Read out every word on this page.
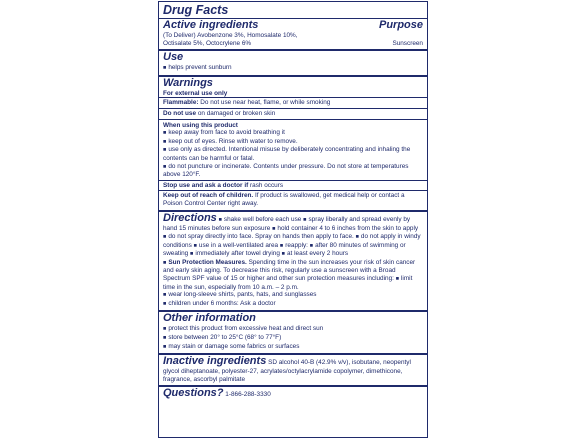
Drug Facts
Active ingredients	Purpose
(To Deliver) Avobenzone 3%, Homosalate 10%,
Octisalate 5%, Octocrylene 6%	Sunscreen
Use
■ helps prevent sunburn
Warnings
For external use only
Flammable: Do not use near heat, flame, or while smoking
Do not use on damaged or broken skin
When using this product
■ keep away from face to avoid breathing it
■ keep out of eyes. Rinse with water to remove.
■ use only as directed. Intentional misuse by deliberately concentrating and inhaling the contents can be harmful or fatal.
■ do not puncture or incinerate. Contents under pressure. Do not store at temperatures above 120°F.
Stop use and ask a doctor if rash occurs
Keep out of reach of children. If product is swallowed, get medical help or contact a Poison Control Center right away.
Directions ■ shake well before each use ■ spray liberally and spread evenly by hand 15 minutes before sun exposure ■ hold container 4 to 6 inches from the skin to apply ■ do not spray directly into face. Spray on hands then apply to face. ■ do not apply in windy conditions ■ use in a well-ventilated area ■ reapply: ■ after 80 minutes of swimming or sweating ■ immediately after towel drying ■ at least every 2 hours
■ Sun Protection Measures. Spending time in the sun increases your risk of skin cancer and early skin aging. To decrease this risk, regularly use a sunscreen with a Broad Spectrum SPF value of 15 or higher and other sun protection measures including: ■ limit time in the sun, especially from 10 a.m. – 2 p.m.
■ wear long-sleeve shirts, pants, hats, and sunglasses
■ children under 6 months: Ask a doctor
Other information
■ protect this product from excessive heat and direct sun
■ store between 20° to 25°C (68° to 77°F)
■ may stain or damage some fabrics or surfaces
Inactive ingredients SD alcohol 40-B (42.9% v/v), isobutane, neopentyl glycol diheptanoate, polyester-27, acrylates/octylacrylamide copolymer, dimethicone, fragrance, ascorbyl palmitate
Questions? 1-866-288-3330
